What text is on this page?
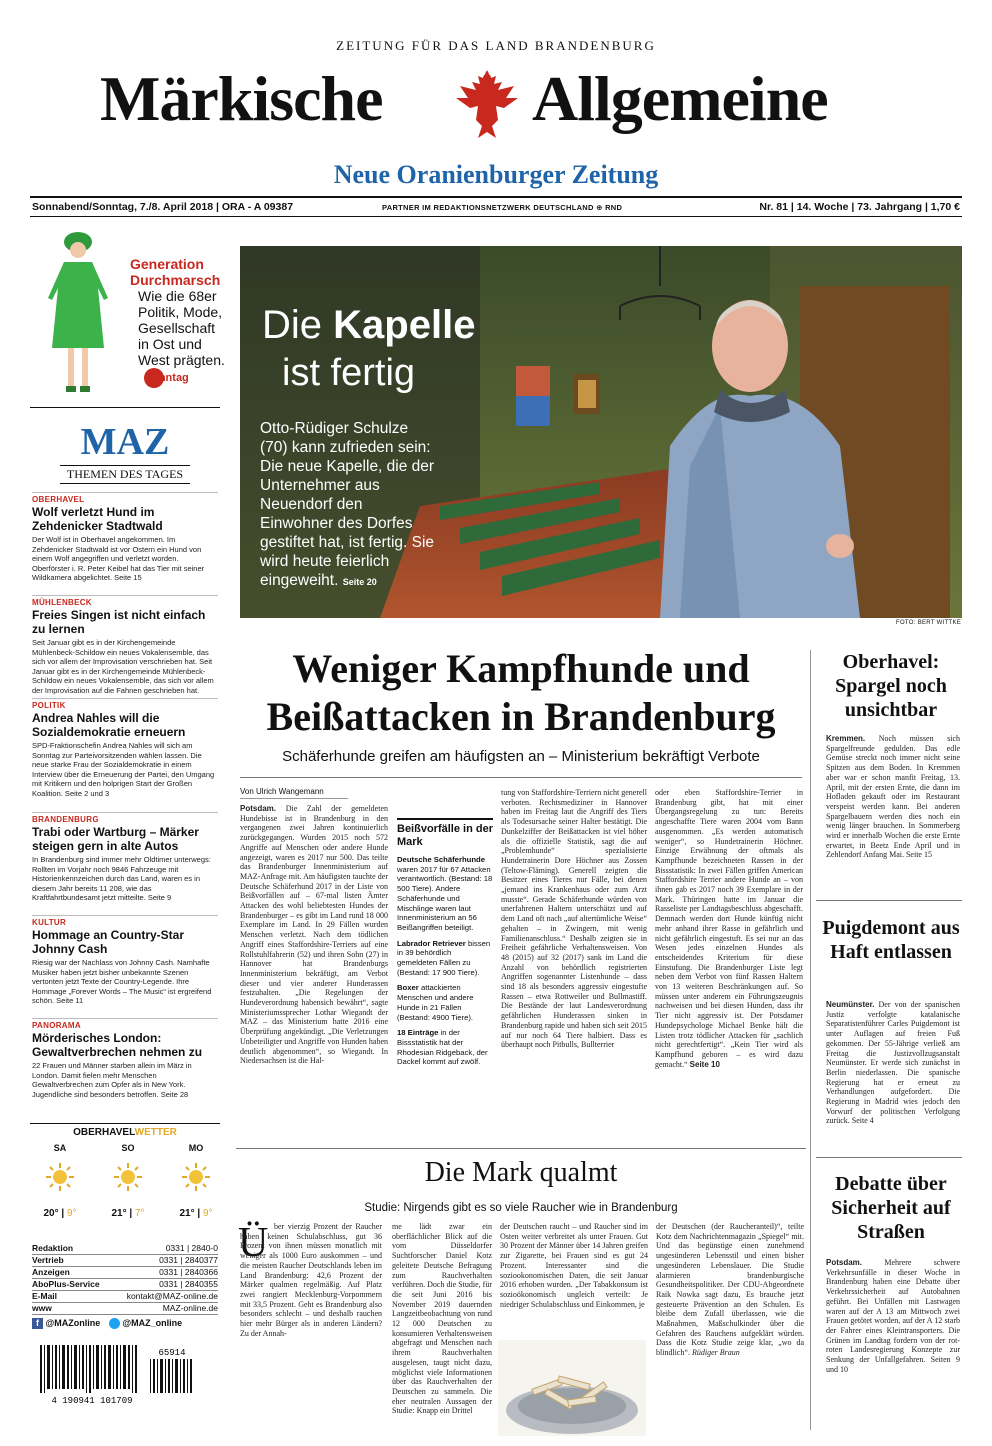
ZEITUNG FÜR DAS LAND BRANDENBURG
Märkische Allgemeine
Neue Oranienburger Zeitung
Sonnabend/Sonntag, 7./8. April 2018 | ORA - A 09387	PARTNER IM REDAKTIONSNETZWERK DEUTSCHLAND ⊕ RND	Nr. 81 | 14. Woche | 73. Jahrgang | 1,70 €
Generation Durchmarsch
Wie die 68er Politik, Mode, Gesellschaft in Ost und West prägten.
sonntag
MAZ
THEMEN DES TAGES
OBERHAVEL
Wolf verletzt Hund im Zehdenicker Stadtwald
Der Wolf ist in Oberhavel angekommen. Im Zehdenicker Stadtwald ist vor Ostern ein Hund von einem Wolf angegriffen und verletzt worden. Oberförster i. R. Peter Keibel hat das Tier mit seiner Wildkamera abgelichtet. Seite 15
MÜHLENBECK
Freies Singen ist nicht einfach zu lernen
Seit Januar gibt es in der Kirchengemeinde Mühlenbeck-Schildow ein neues Vokalensemble, das sich vor allem der Improvisation verschrieben hat. Seit Januar gibt es in der Kirchengemeinde Mühlenbeck-Schildow ein neues Vokalensemble, das sich vor allem der Improvisation auf die Fahnen geschrieben hat.
POLITIK
Andrea Nahles will die Sozialdemokratie erneuern
SPD-Fraktionschefin Andrea Nahles will sich am Sonntag zur Parteivorsitzenden wählen lassen. Die neue starke Frau der Sozialdemokratie in einem Interview über die Erneuerung der Partei, den Umgang mit Kritikern und den holprigen Start der Großen Koalition. Seite 2 und 3
BRANDENBURG
Trabi oder Wartburg – Märker steigen gern in alte Autos
In Brandenburg sind immer mehr Oldtimer unterwegs: Rollten im Vorjahr noch 9846 Fahrzeuge mit Historienkennzeichen durch das Land, waren es in diesem Jahr bereits 11 208, wie das Kraftfahrtbundesamt jetzt mitteilte. Seite 9
KULTUR
Hommage an Country-Star Johnny Cash
Riesig war der Nachlass von Johnny Cash. Namhafte Musiker haben jetzt bisher unbekannte Szenen vertonten jetzt Texte der Country-Legende. Ihre Hommage „Forever Words – The Music“ ist ergreifend schön. Seite 11
PANORAMA
Mörderisches London: Gewaltverbrechen nehmen zu
22 Frauen und Männer starben allein im März in London. Damit fielen mehr Menschen Gewaltverbrechen zum Opfer als in New York. Jugendliche sind besonders betroffen. Seite 28
OBERHAVELWETTER
SA	SO	MO
20° | 9°	21° | 7°	21° | 9°
Redaktion	0331 | 2840-0
Vertrieb	0331 | 2840377
Anzeigen	0331 | 2840366
AboPlus-Service	0331 | 2840355
E-Mail	kontakt@MAZ-online.de
www	MAZ-online.de
f @MAZonline @MAZ_online
65914
4 190941 101709
Die Kapelle
ist fertig
Otto-Rüdiger Schulze (70) kann zufrieden sein: Die neue Kapelle, die der Unternehmer aus Neuendorf den Einwohner des Dorfes gestiftet hat, ist fertig. Sie wird heute feierlich eingeweiht. Seite 20
FOTO: BERT WITTKE
Weniger Kampfhunde und Beißattacken in Brandenburg
Schäferhunde greifen am häufigsten an – Ministerium bekräftigt Verbote
Von Ulrich Wangemann
Potsdam. Die Zahl der gemeldeten Hundebisse ist in Brandenburg in den vergangenen zwei Jahren kontinuierlich zurückgegangen. Wurden 2015 noch 572 Angriffe auf Menschen oder andere Hunde angezeigt, waren es 2017 nur 500. Das teilte das Brandenburger Innenministerium auf MAZ-Anfrage mit. Am häufigsten tauchte der Deutsche Schäferhund 2017 in der Liste von Beißvorfällen auf – 67-mal listen Ämter Attacken des wohl beliebtesten Hundes der Brandenburger – es gibt im Land rund 18 000 Exemplare im Land. In 29 Fällen wurden Menschen verletzt. Nach dem tödlichen Angriff eines Staffordshire-Terriers auf eine Rollstuhlfahrerin (52) und ihren Sohn (27) in Hannover hat Brandenburgs Innenministerium bekräftigt, am Verbot dieser und vier anderer Hunderassen festzuhalten. „Die Regelungen der Hundeverordnung habensich bewährt“, sagte Ministeriumssprecher Lothar Wiegandt der MAZ – das Ministerium hatte 2016 eine Überprüfung angekündigt. „Die Verletzungen Unbeteiligter und Angriffe von Hunden haben deutlich abgenommen“, so Wiegandt. In Niedersachsen ist die Hal-
Beißvorfälle in der Mark

Deutsche Schäferhunde waren 2017 für 67 Attacken verantwortlich. (Bestand: 18 500 Tiere). Andere Schäferhunde und Mischlinge waren laut Innenministerium an 56 Beißangriffen beteiligt.

Labrador Retriever bissen in 39 behördlich gemeldeten Fällen zu (Bestand: 17 900 Tiere).

Boxer attackierten Menschen und andere Hunde in 21 Fällen (Bestand: 4900 Tiere).

18 Einträge in der Bissstatistik hat der Rhodesian Ridgeback, der Dackel kommt auf zwölf.

tung von Staffordshire-Terriern nicht generell verboten. Rechtsmediziner in Hannover haben im Freitag laut die Angriff des Tiers als Todesursache seiner Halter bestätigt. Die Dunkelziffer der Beißattacken ist viel höher als die offizielle Statistik, sagt die auf „Problemhunde“ spezialisierte Hundetrainerin Dore Höchner aus Zossen (Teltow-Fläming). Generell zeigten die Besitzer eines Tieres nur Fälle, bei denen „jemand ins Krankenhaus oder zum Arzt musste“. Gerade Schäferhunde würden von unerfahrenen Haltern unterschätzt und auf dem Land oft nach „auf altertümliche Weise“ gehalten – in Zwingern, mit wenig Familienanschluss.“ Deshalb zeigten sie in Freiheit gefährliche Verhaltensweisen. Von 48 (2015) auf 32 (2017) sank im Land die Anzahl von behördlich registrierten Angriffen sogenannter Listenhunde – dass sind 18 als besonders aggressiv eingestufte Rassen – etwa Rottweiler und Bullmastiff. Die Bestände der laut Landesverordnung gefährlichen Hunderassen sinken in Brandenburg rapide und haben sich seit 2015 auf nur noch 64 Tiere halbiert. Dass es überhaupt noch Pitbulls, Bullterrier
oder eben Staffordshire-Terrier in Brandenburg gibt, hat mit einer Übergangsregelung zu tun: Bereits angeschaffte Tiere waren 2004 vom Bann ausgenommen. „Es werden automatisch weniger“, so Hundetrainerin Höchner. Einzige Erwähnung der oftmals als Kampfhunde bezeichneten Rassen in der Bissstatistik: In zwei Fällen griffen American Staffordshire Terrier andere Hunde an – von ihnen gab es 2017 noch 39 Exemplare in der Mark. Thüringen hatte im Januar die Rasseliste per Landtagsbeschluss abgeschafft. Demnach werden dort Hunde künftig nicht mehr anhand ihrer Rasse in gefährlich und nicht gefährlich eingestuft. Es sei nur an das Wesen jedes einzelnen Hundes als entscheidendes Kriterium für diese Einstufung. Die Brandenburger Liste legt neben dem Verbot von fünf Rassen Haltern von 13 weiteren Beschränkungen auf. So müssen unter anderem ein Führungszeugnis nachweisen und bei diesen Hunden, dass ihr Tier nicht aggressiv ist. Der Potsdamer Hundepsychologe Michael Benke hält die Listen trotz tödlicher Attacken für „sachlich nicht gerechtfertigt“. „Kein Tier wird als Kampfhund geboren – es wird dazu gemacht.“ Seite 10
Oberhavel: Spargel noch unsichtbar
Kremmen. Noch müssen sich Spargelfreunde gedulden. Das edle Gemüse streckt noch immer nicht seine Spitzen aus dem Boden. In Kremmen aber war er schon manfit Freitag, 13. April, mit der ersten Ernte, die dann im Hofladen gekauft oder im Restaurant verspeist werden kann. Bei anderen Spargelbauern werden dies noch ein wenig länger brauchen. In Sommerberg wird er innerhalb Wochen die erste Ernte erwartet, in Beetz Ende April und in Zehlendorf Anfang Mai. Seite 15
Puigdemont aus Haft entlassen
Neumünster. Der von der spanischen Justiz verfolgte katalanische Separatistenführer Carles Puigdemont ist unter Auflagen auf freien Fuß gekommen. Der 55-Jährige verließ am Freitag die Justizvollzugsanstalt Neumünster. Er werde sich zunächst in Berlin niederlassen. Die spanische Regierung hat er erneut zu Verhandlungen aufgefordert. Die Regierung in Madrid wies jedoch den Vorwurf der politischen Verfolgung zurück. Seite 4
Debatte über Sicherheit auf Straßen
Potsdam.	Mehrere schwere Verkehrsunfälle in dieser Woche in Brandenburg haben eine Debatte über Verkehrssicherheit auf Autobahnen geführt. Bei Unfällen mit Lastwagen waren auf der A 13 am Mittwoch zwei Frauen getötet worden, auf der A 12 starb der Fahrer eines Kleintransporters. Die Grünen im Landtag fordern von der rot-roten Landesregierung Konzepte zur Senkung der Unfallgefahren. Seiten 9 und 10
Die Mark qualmt
Studie: Nirgends gibt es so viele Raucher wie in Brandenburg
Ü ber vierzig Prozent der Raucher haben keinen Schulabschluss, gut 36 Prozent von ihnen müssen monatlich mit weniger als 1000 Euro auskommen – und die meisten Raucher Deutschlands leben im Land Brandenburg: 42,6 Prozent der Märker qualmen regelmäßig. Auf Platz zwei rangiert Mecklenburg-Vorpommern mit 33,5 Prozent. Geht es Brandenburg also besonders schlecht – und deshalb rauchen hier mehr Bürger als in anderen Ländern? Zu der Annah-
me lädt zwar ein oberflächlicher Blick auf die vom Düsseldorfer Suchtforscher Daniel Kotz geleitete Deutsche Befragung zum Rauchverhalten verführen. Doch die Studie, für die seit Juni 2016 bis November 2019 dauernden Langzeitbeobachtung von rund 12 000 Deutschen zu konsumieren Verhaltensweisen abgefragt und Menschen nach ihrem Rauchverhalten ausgelesen, taugt nicht dazu, möglichst viele Informationen über das Rauchverhalten der Deutschen zu sammeln. Die eher neutralen Aussagen der Studie: Knapp ein Drittel
der Deutschen raucht – und Raucher sind im Osten weiter verbreitet als unter Frauen. Gut 30 Prozent der Männer über 14 Jahren greifen zur Zigarette, bei Frauen sind es gut 24 Prozent. Interessanter sind die soziookonomischen Daten, die seit Januar 2016 erhoben wurden. „Der Tabakkonsum ist sozioökonomisch ungleich verteilt: Je niedriger Schulabschluss und Einkommen, je
der Deutschen (der Raucheranteil)“, teilte Kotz dem Nachrichtenmagazin „Spiegel“ mit. Und das begünstige einen zunehmend ungesünderen Lebensstil und einen bisher ungesünderen Lebenslauer. Die Studie alarmieren brandenburgische Gesundheitspolitiker. Der CDU-Abgeordnete Raik Nowka sagt dazu, Es brauche jetzt gesteuerte Prävention an den Schulen. Es bleibe dem Zufall überlassen, wie die Maßnahmen, Maßschulkinder über die Gefahren des Rauchens aufgeklärt würden. Dass die Kotz Studie zeige klar, „wo da blindlich“. Rüdiger Braun
